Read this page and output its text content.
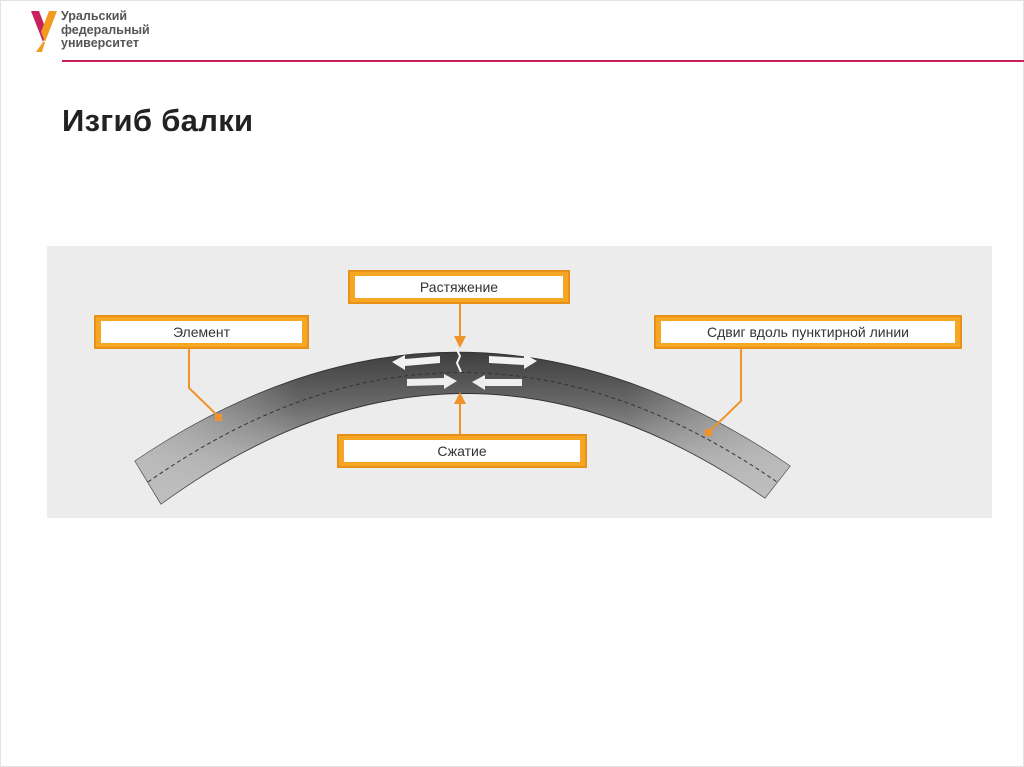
Уральский
федеральный
университет
Изгиб балки
Растяжение
Элемент	Сдвиг вдоль пунктирной линии
Сжатие
